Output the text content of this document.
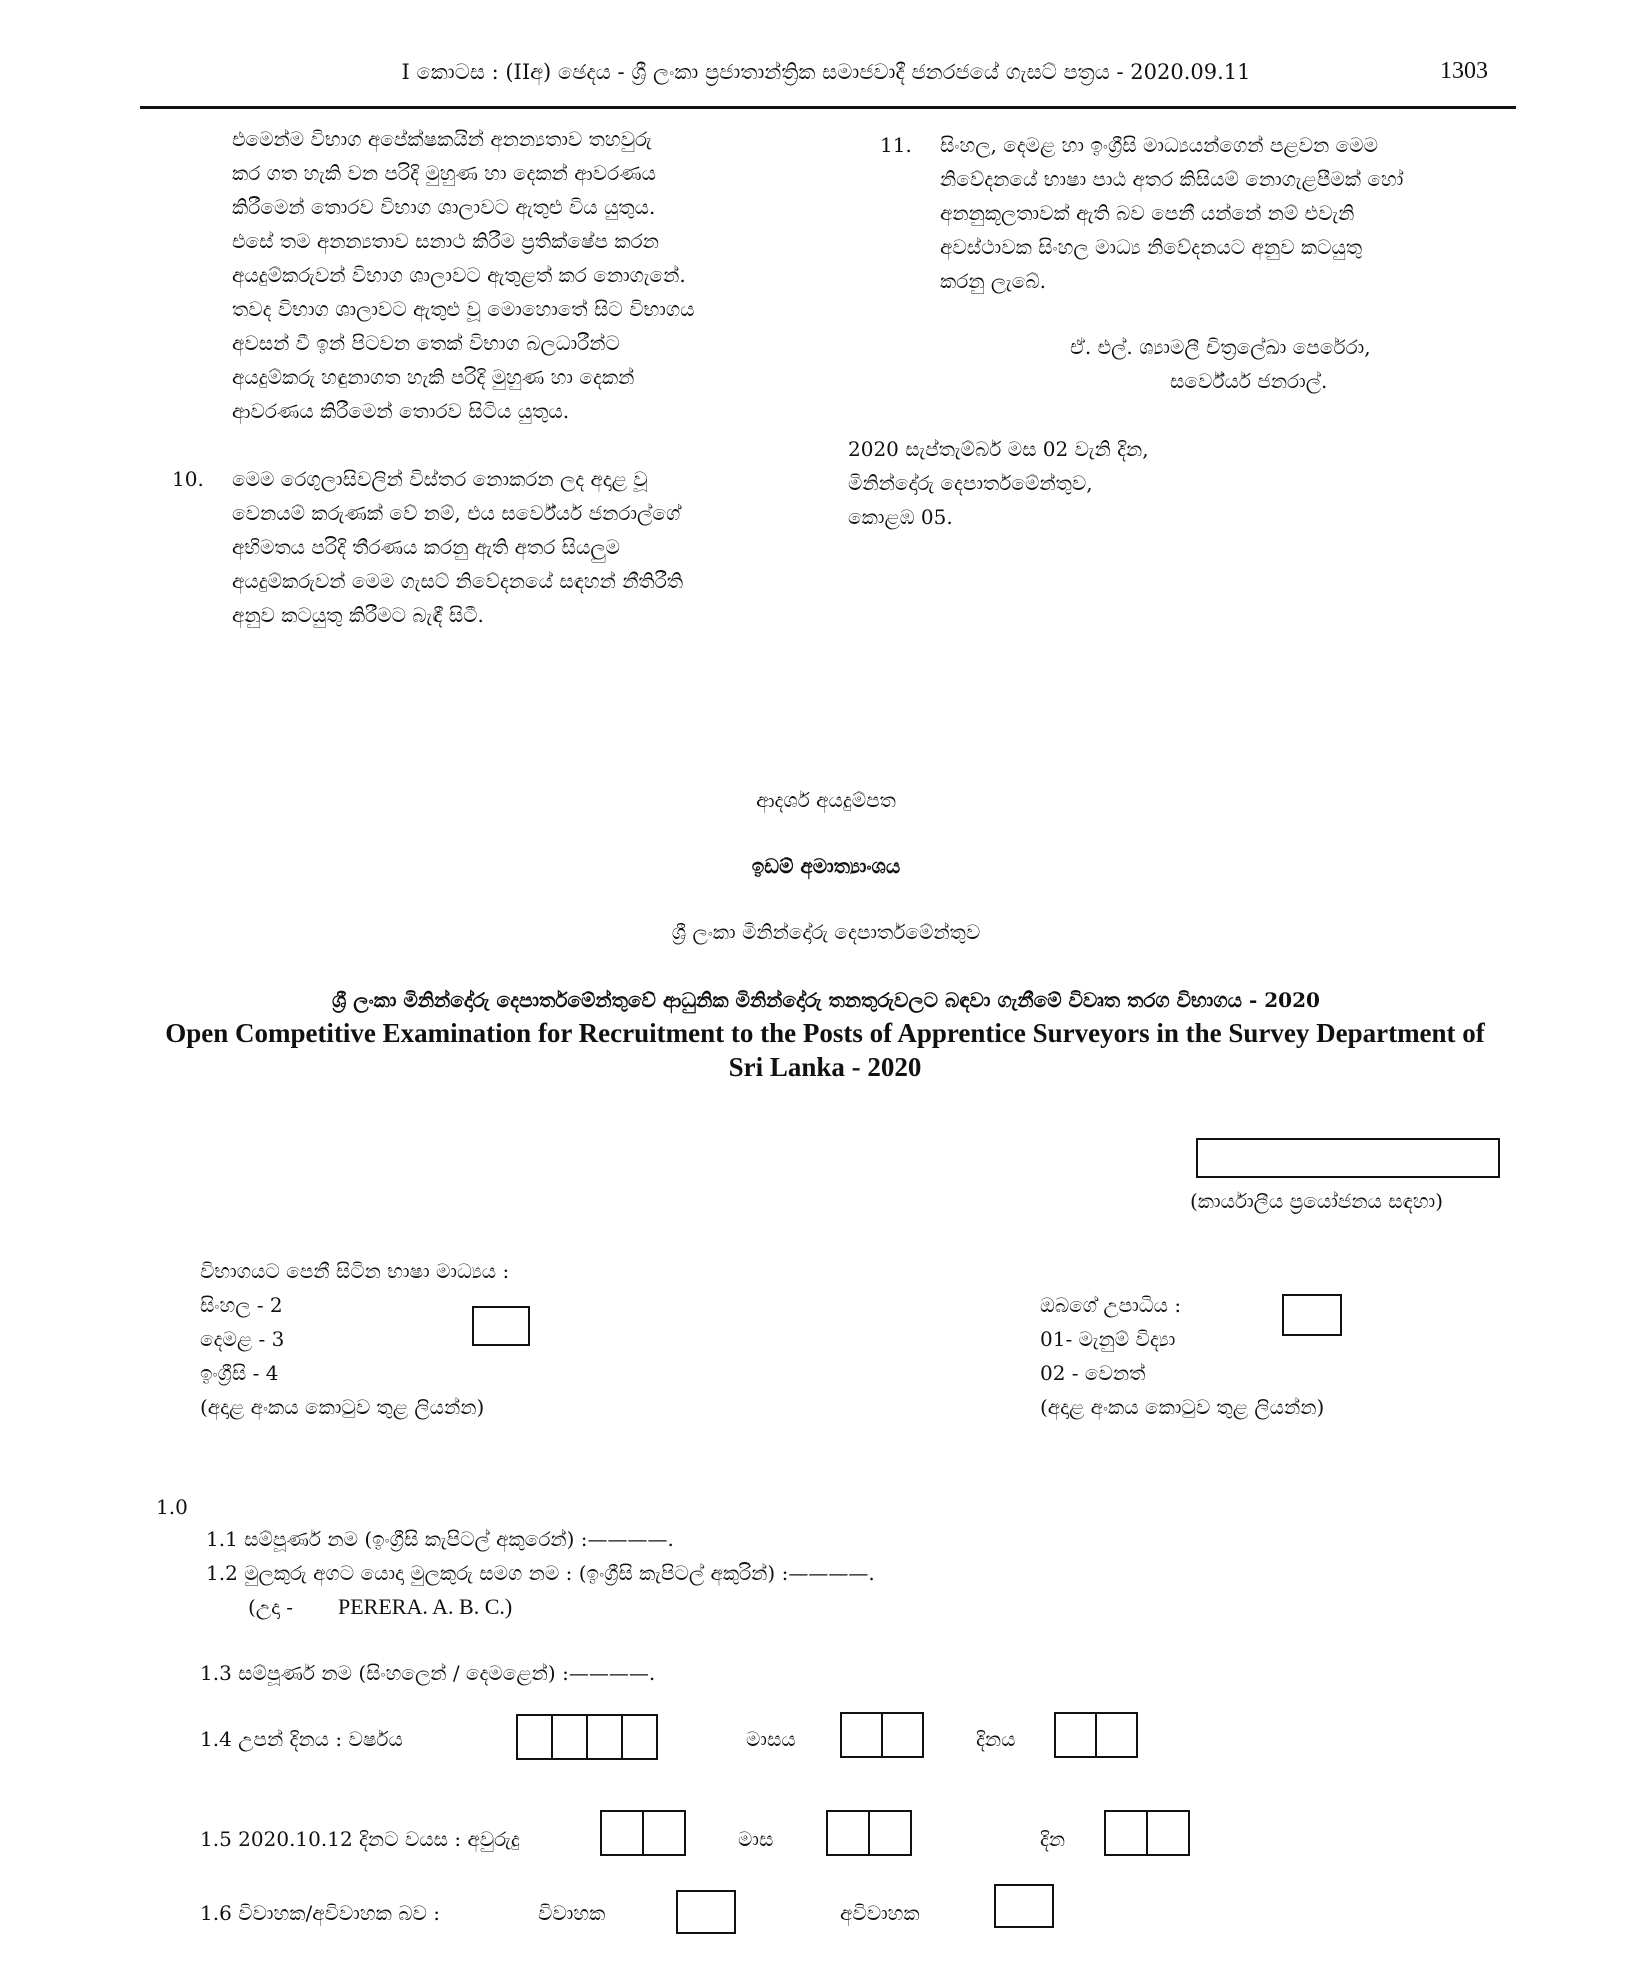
I කොටස : (IIඅ) ඡෙදය - ශ්‍රී ලංකා ප්‍රජාතාන්ත්‍රික සමාජවාදී ජනරජයේ ගැසට් පත්‍රය - 2020.09.11	1303
එමෙන්ම විභාග අපේක්ෂකයින් අනන්‍යතාව තහවුරු
කර ගත හැකි වන පරිදි මුහුණ හා දෙකන් ආවරණය
කිරීමෙන් තොරව විභාග ශාලාවට ඇතුළු විය යුතුය.
එසේ තම අනන්‍යතාව සනාථ කිරීම ප්‍රතික්ෂේප කරන
අයදුම්කරුවන් විභාග ශාලාවට ඇතුළත් කර නොගැනේ.
තවද විභාග ශාලාවට ඇතුළු වූ මොහොතේ සිට විභාගය
අවසන් වී ඉන් පිටවන තෙක් විභාග බලධාරීන්ට
අයදුම්කරු හඳුනාගත හැකි පරිදි මුහුණ හා දෙකන්
ආවරණය කිරීමෙන් තොරව සිටිය යුතුය.
10. මෙම රෙගුලාසිවලින් විස්තර නොකරන ලද අදාළ වූ
වෙනයම් කරුණක් වේ නම්, එය සර්වේයර් ජනරාල්ගේ
අභිමතය පරිදි තීරණය කරනු ඇති අතර සියලුම
අයදුම්කරුවන් මෙම ගැසට් නිවේදනයේ සඳහන් නීතිරීති
අනුව කටයුතු කිරීමට බැඳී සිටී.
11. සිංහල, දෙමළ හා ඉංග්‍රීසි මාධ්‍යයන්ගෙන් පළවන මෙම
නිවේදනයේ භාෂා පාඨ අතර කිසියම් නොගැළපීමක් හෝ
අනනුකූලතාවක් ඇති බව පෙනී යන්නේ නම් එවැනි
අවස්ථාවක සිංහල මාධ්‍ය නිවේදනයට අනුව කටයුතු
කරනු ලැබේ.
ඒ. එල්. ශ්‍යාමලී චිත්‍රලේඛා පෙරේරා,
සර්වේයර් ජනරාල්.
2020 සැප්තැම්බර් මස 02 වැනි දින,
මිනින්දෝරු දෙපාර්තමේන්තුව,
කොළඹ 05.
ආදර්ශ අයදුම්පත
ඉඩම් අමාත්‍යාංශය
ශ්‍රී ලංකා මිනින්දෝරු දෙපාර්තමේන්තුව
ශ්‍රී ලංකා මිනින්දෝරු දෙපාර්තමේන්තුවේ ආධුනික මිනින්දෝරු තනතුරුවලට බඳවා ගැනීමේ විවෘත තරග විභාගය - 2020
Open Competitive Examination for Recruitment to the Posts of Apprentice Surveyors in the Survey Department of
Sri Lanka - 2020
(කාර්යාලීය ප්‍රයෝජනය සඳහා)
විභාගයට පෙනී සිටින භාෂා මාධ්‍යය :
සිංහල - 2
දෙමළ - 3
ඉංග්‍රීසි - 4
(අදාළ අංකය කොටුව තුළ ලියන්න)
ඔබගේ උපාධිය :
01- මැනුම් විද්‍යා
02 - වෙනත්
(අදාළ අංකය කොටුව තුළ ලියන්න)
1.0
1.1 සම්පූර්ණ නම (ඉංග්‍රීසි කැපිටල් අකුරෙන්) :————.
1.2 මුලකුරු අගට යොදා මුලකුරු සමග නම : (ඉංග්‍රීසි කැපිටල් අකුරින්) :————.
(උදා - PERERA. A. B. C.)
1.3 සම්පූර්ණ නම (සිංහලෙන් / දෙමළෙන්) :————.
1.4 උපන් දිනය : වර්ෂය	මාසය	දිනය
1.5 2020.10.12 දිනට වයස : අවුරුදු	මාස	දින
1.6 විවාහක/අවිවාහක බව :	විවාහක	අවිවාහක
